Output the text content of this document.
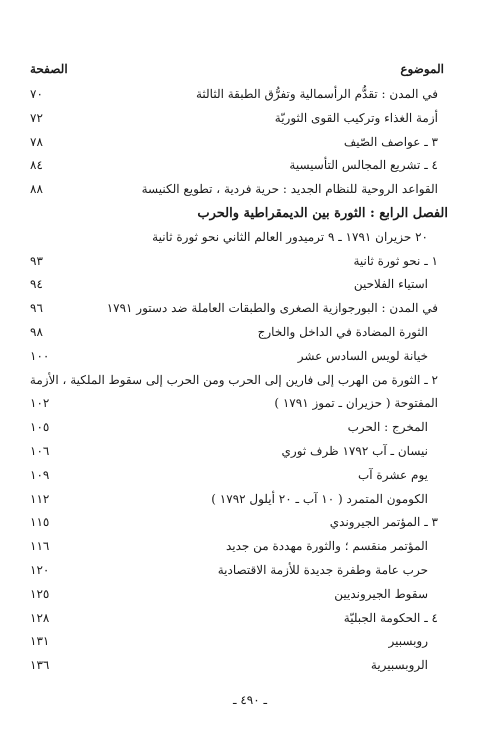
الموضوع
الصفحة
في المدن : تقدُّم الرأسمالية وتفرُّق الطبقة الثالثة
٧٠
أزمة الغذاء وتركيب القوى الثوريّة
٧٢
٣ ـ عواصف الصّيف
٧٨
٤ ـ تشريع المجالس التأسيسية
٨٤
القواعد الروحية للنظام الجديد : حرية فردية ، تطويع الكنيسة
٨٨
الفصل الرابع : الثورة بين الديمقراطية والحرب
٢٠ حزيران ١٧٩١ ـ ٩ ترميدور العالم الثاني نحو ثورة ثانية
١ ـ نحو ثورة ثانية
٩٣
استياء الفلاحين
٩٤
في المدن : البورجوازية الصغرى والطبقات العاملة ضد دستور ١٧٩١
٩٦
الثورة المضادة في الداخل والخارج
٩٨
خيانة لويس السادس عشر
١٠٠
٢ ـ الثورة من الهرب إلى فارين إلى الحرب ومن الحرب إلى سقوط الملكية ، الأزمة
المفتوحة ( حزيران ـ تموز ١٧٩١ )
١٠٢
المخرج : الحرب
١٠٥
نيسان ـ آب ١٧٩٢ ظرف ثوري
١٠٦
يوم عشرة آب
١٠٩
الكومون المتمرد ( ١٠ آب ـ ٢٠ أيلول ١٧٩٢ )
١١٢
٣ ـ المؤتمر الجيروندي
١١٥
المؤتمر منقسم ؛ والثورة مهددة من جديد
١١٦
حرب عامة وطفرة جديدة للأزمة الاقتصادية
١٢٠
سقوط الجيرونديين
١٢٥
٤ ـ الحكومة الجبليّة
١٢٨
روبسبير
١٣١
الروبسبيرية
١٣٦
ـ ٤٩٠ ـ
